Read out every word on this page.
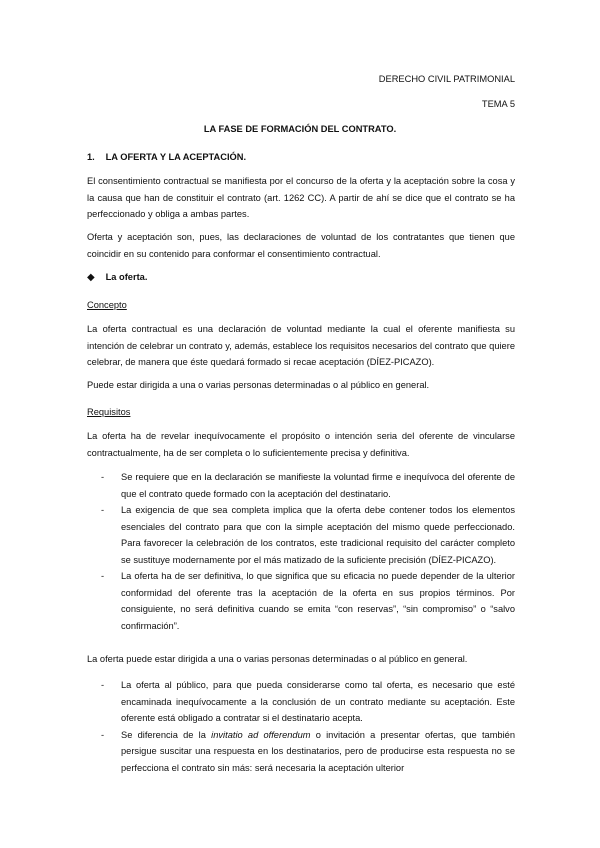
DERECHO CIVIL PATRIMONIAL
TEMA 5
LA FASE DE FORMACIÓN DEL CONTRATO.
1. LA OFERTA Y LA ACEPTACIÓN.
El consentimiento contractual se manifiesta por el concurso de la oferta y la aceptación sobre la cosa y la causa que han de constituir el contrato (art. 1262 CC). A partir de ahí se dice que el contrato se ha perfeccionado y obliga a ambas partes.
Oferta y aceptación son, pues, las declaraciones de voluntad de los contratantes que tienen que coincidir en su contenido para conformar el consentimiento contractual.
◆ La oferta.
Concepto
La oferta contractual es una declaración de voluntad mediante la cual el oferente manifiesta su intención de celebrar un contrato y, además, establece los requisitos necesarios del contrato que quiere celebrar, de manera que éste quedará formado si recae aceptación (DÍEZ-PICAZO).
Puede estar dirigida a una o varias personas determinadas o al público en general.
Requisitos
La oferta ha de revelar inequívocamente el propósito o intención seria del oferente de vincularse contractualmente, ha de ser completa o lo suficientemente precisa y definitiva.
- Se requiere que en la declaración se manifieste la voluntad firme e inequívoca del oferente de que el contrato quede formado con la aceptación del destinatario.
- La exigencia de que sea completa implica que la oferta debe contener todos los elementos esenciales del contrato para que con la simple aceptación del mismo quede perfeccionado. Para favorecer la celebración de los contratos, este tradicional requisito del carácter completo se sustituye modernamente por el más matizado de la suficiente precisión (DÍEZ-PICAZO).
- La oferta ha de ser definitiva, lo que significa que su eficacia no puede depender de la ulterior conformidad del oferente tras la aceptación de la oferta en sus propios términos. Por consiguiente, no será definitiva cuando se emita “con reservas”, “sin compromiso” o “salvo confirmación”.
La oferta puede estar dirigida a una o varias personas determinadas o al público en general.
- La oferta al público, para que pueda considerarse como tal oferta, es necesario que esté encaminada inequívocamente a la conclusión de un contrato mediante su aceptación. Este oferente está obligado a contratar si el destinatario acepta.
- Se diferencia de la invitatio ad offerendum o invitación a presentar ofertas, que también persigue suscitar una respuesta en los destinatarios, pero de producirse esta respuesta no se perfecciona el contrato sin más: será necesaria la aceptación ulterior
